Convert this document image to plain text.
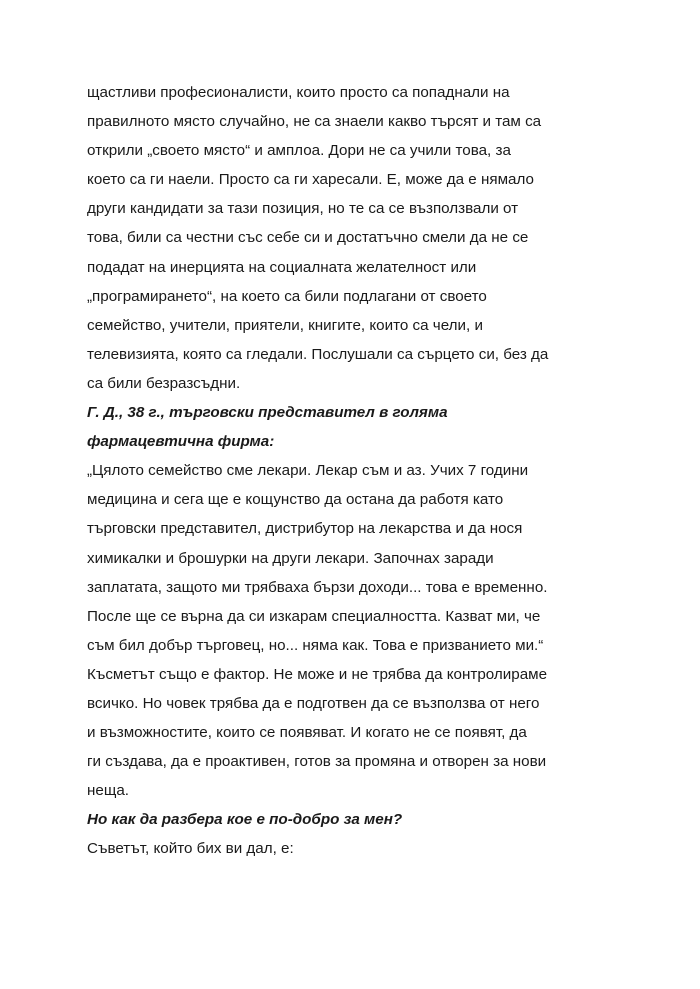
щастливи професионалисти, които просто са попаднали на
правилното място случайно, не са знаели какво търсят и там са
открили „своето място“ и амплоа. Дори не са учили това, за
което са ги наели. Просто са ги харесали. Е, може да е нямало
други кандидати за тази позиция, но те са се възползвали от
това, били са честни със себе си и достатъчно смели да не се
подадат на инерцията на социалната желателност или
„програмирането“, на което са били подлагани от своето
семейство, учители, приятели, книгите, които са чели, и
телевизията, която са гледали. Послушали са сърцето си, без да
са били безразсъдни.
Г. Д., 38 г., търговски представител в голяма
фармацевтична фирма:
„Цялото семейство сме лекари. Лекар съм и аз. Учих 7 години
медицина и сега ще е кощунство да остана да работя като
търговски представител, дистрибутор на лекарства и да нося
химикалки и брошурки на други лекари. Започнах заради
заплатата, защото ми трябваха бързи доходи... това е временно.
После ще се върна да си изкарам специалността. Казват ми, че
съм бил добър търговец, но... няма как. Това е призванието ми.“
Късметът също е фактор. Не може и не трябва да контролираме
всичко. Но човек трябва да е подготвен да се възползва от него
и възможностите, които се появяват. И когато не се появят, да
ги създава, да е проактивен, готов за промяна и отворен за нови
неща.
Но как да разбера кое е по-добро за мен?
Съветът, който бих ви дал, е:
